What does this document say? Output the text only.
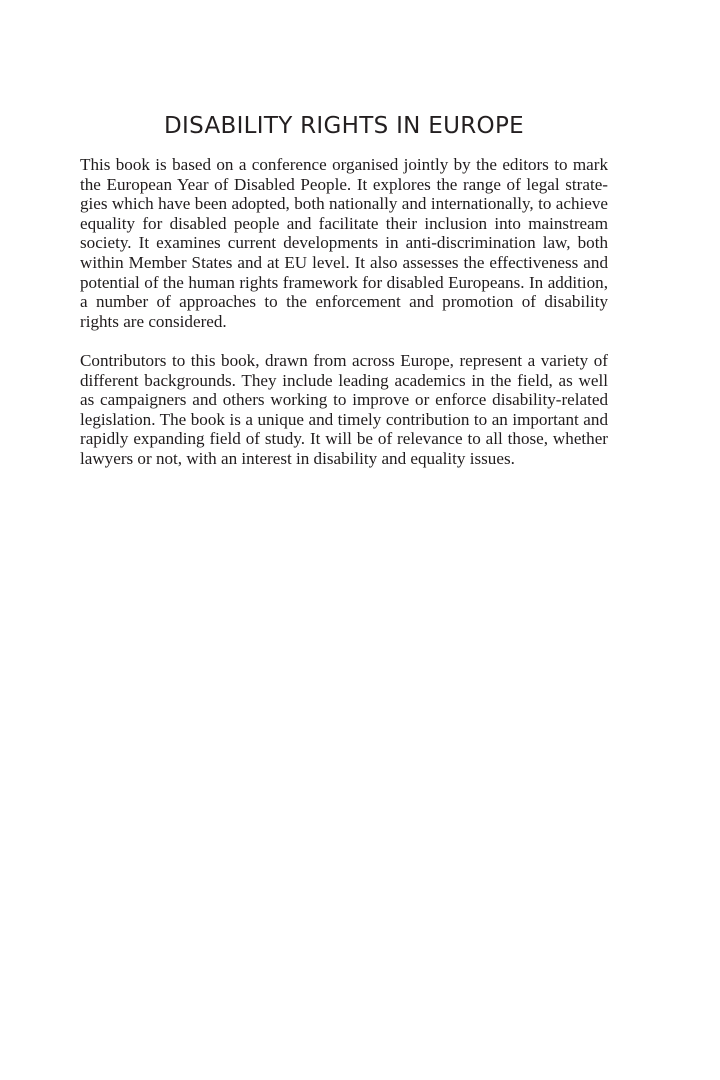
DISABILITY RIGHTS IN EUROPE

This book is based on a conference organised jointly by the editors to mark the European Year of Disabled People. It explores the range of legal strategies which have been adopted, both nationally and internationally, to achieve equality for disabled people and facilitate their inclusion into mainstream society. It examines current developments in anti-discrimination law, both within Member States and at EU level. It also assesses the effectiveness and potential of the human rights framework for disabled Europeans. In addition, a number of approaches to the enforcement and promotion of disability rights are considered.

Contributors to this book, drawn from across Europe, represent a variety of different backgrounds. They include leading academics in the field, as well as campaigners and others working to improve or enforce disability-related legislation. The book is a unique and timely contribution to an important and rapidly expanding field of study. It will be of relevance to all those, whether lawyers or not, with an interest in disability and equality issues.
